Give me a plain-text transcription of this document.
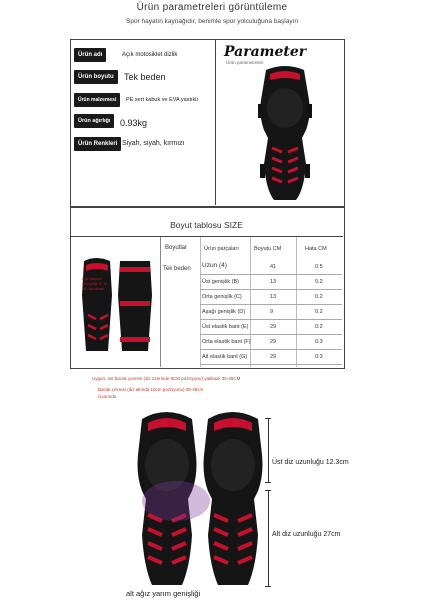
Ürün parametreleri görüntüleme
Spor hayatın kaynağıdır, benimle spor yolculuğuna başlayın
Ürün adı	Açık motosiklet dizlik
Ürün boyutu	Tek beden
Ürün malzemesi	PE sert kabuk ve EVA yastıklı
Ürün ağırlığı	0.93kg
Ürün Renkleri Siyah, siyah, kırmızı
Parameter
Ürün parametreleri
Boyut tablosu SIZE
Kişi başına
Genişliği 37.8
36 ürünlerdir
Boyutlar
Tek beden
Ürün parçaları	Boyutu CM	Hata CM
Uzun (4)	41	0.5
Üst genişlik (B)	13	0.2
Orta genişlik (C)	13	0.2
Aşağı genişlik (D)	9	0.2
Üst elastik bant (E)	29	0.2
Orta elastik bant (F)	29	0.3
Alt elastik bant (G)	29	0.3
Uygun: üst bacak çevresi (diz üzerinde 8CM pozisyonu) yaklaşık 35-45CM
Bacak çevresi (diz altında 10cm pozisyonu) 36-48cm
civarında
Üst diz uzunluğu 12.3cm
Alt diz uzunluğu 27cm
alt ağız yarım genişliği
